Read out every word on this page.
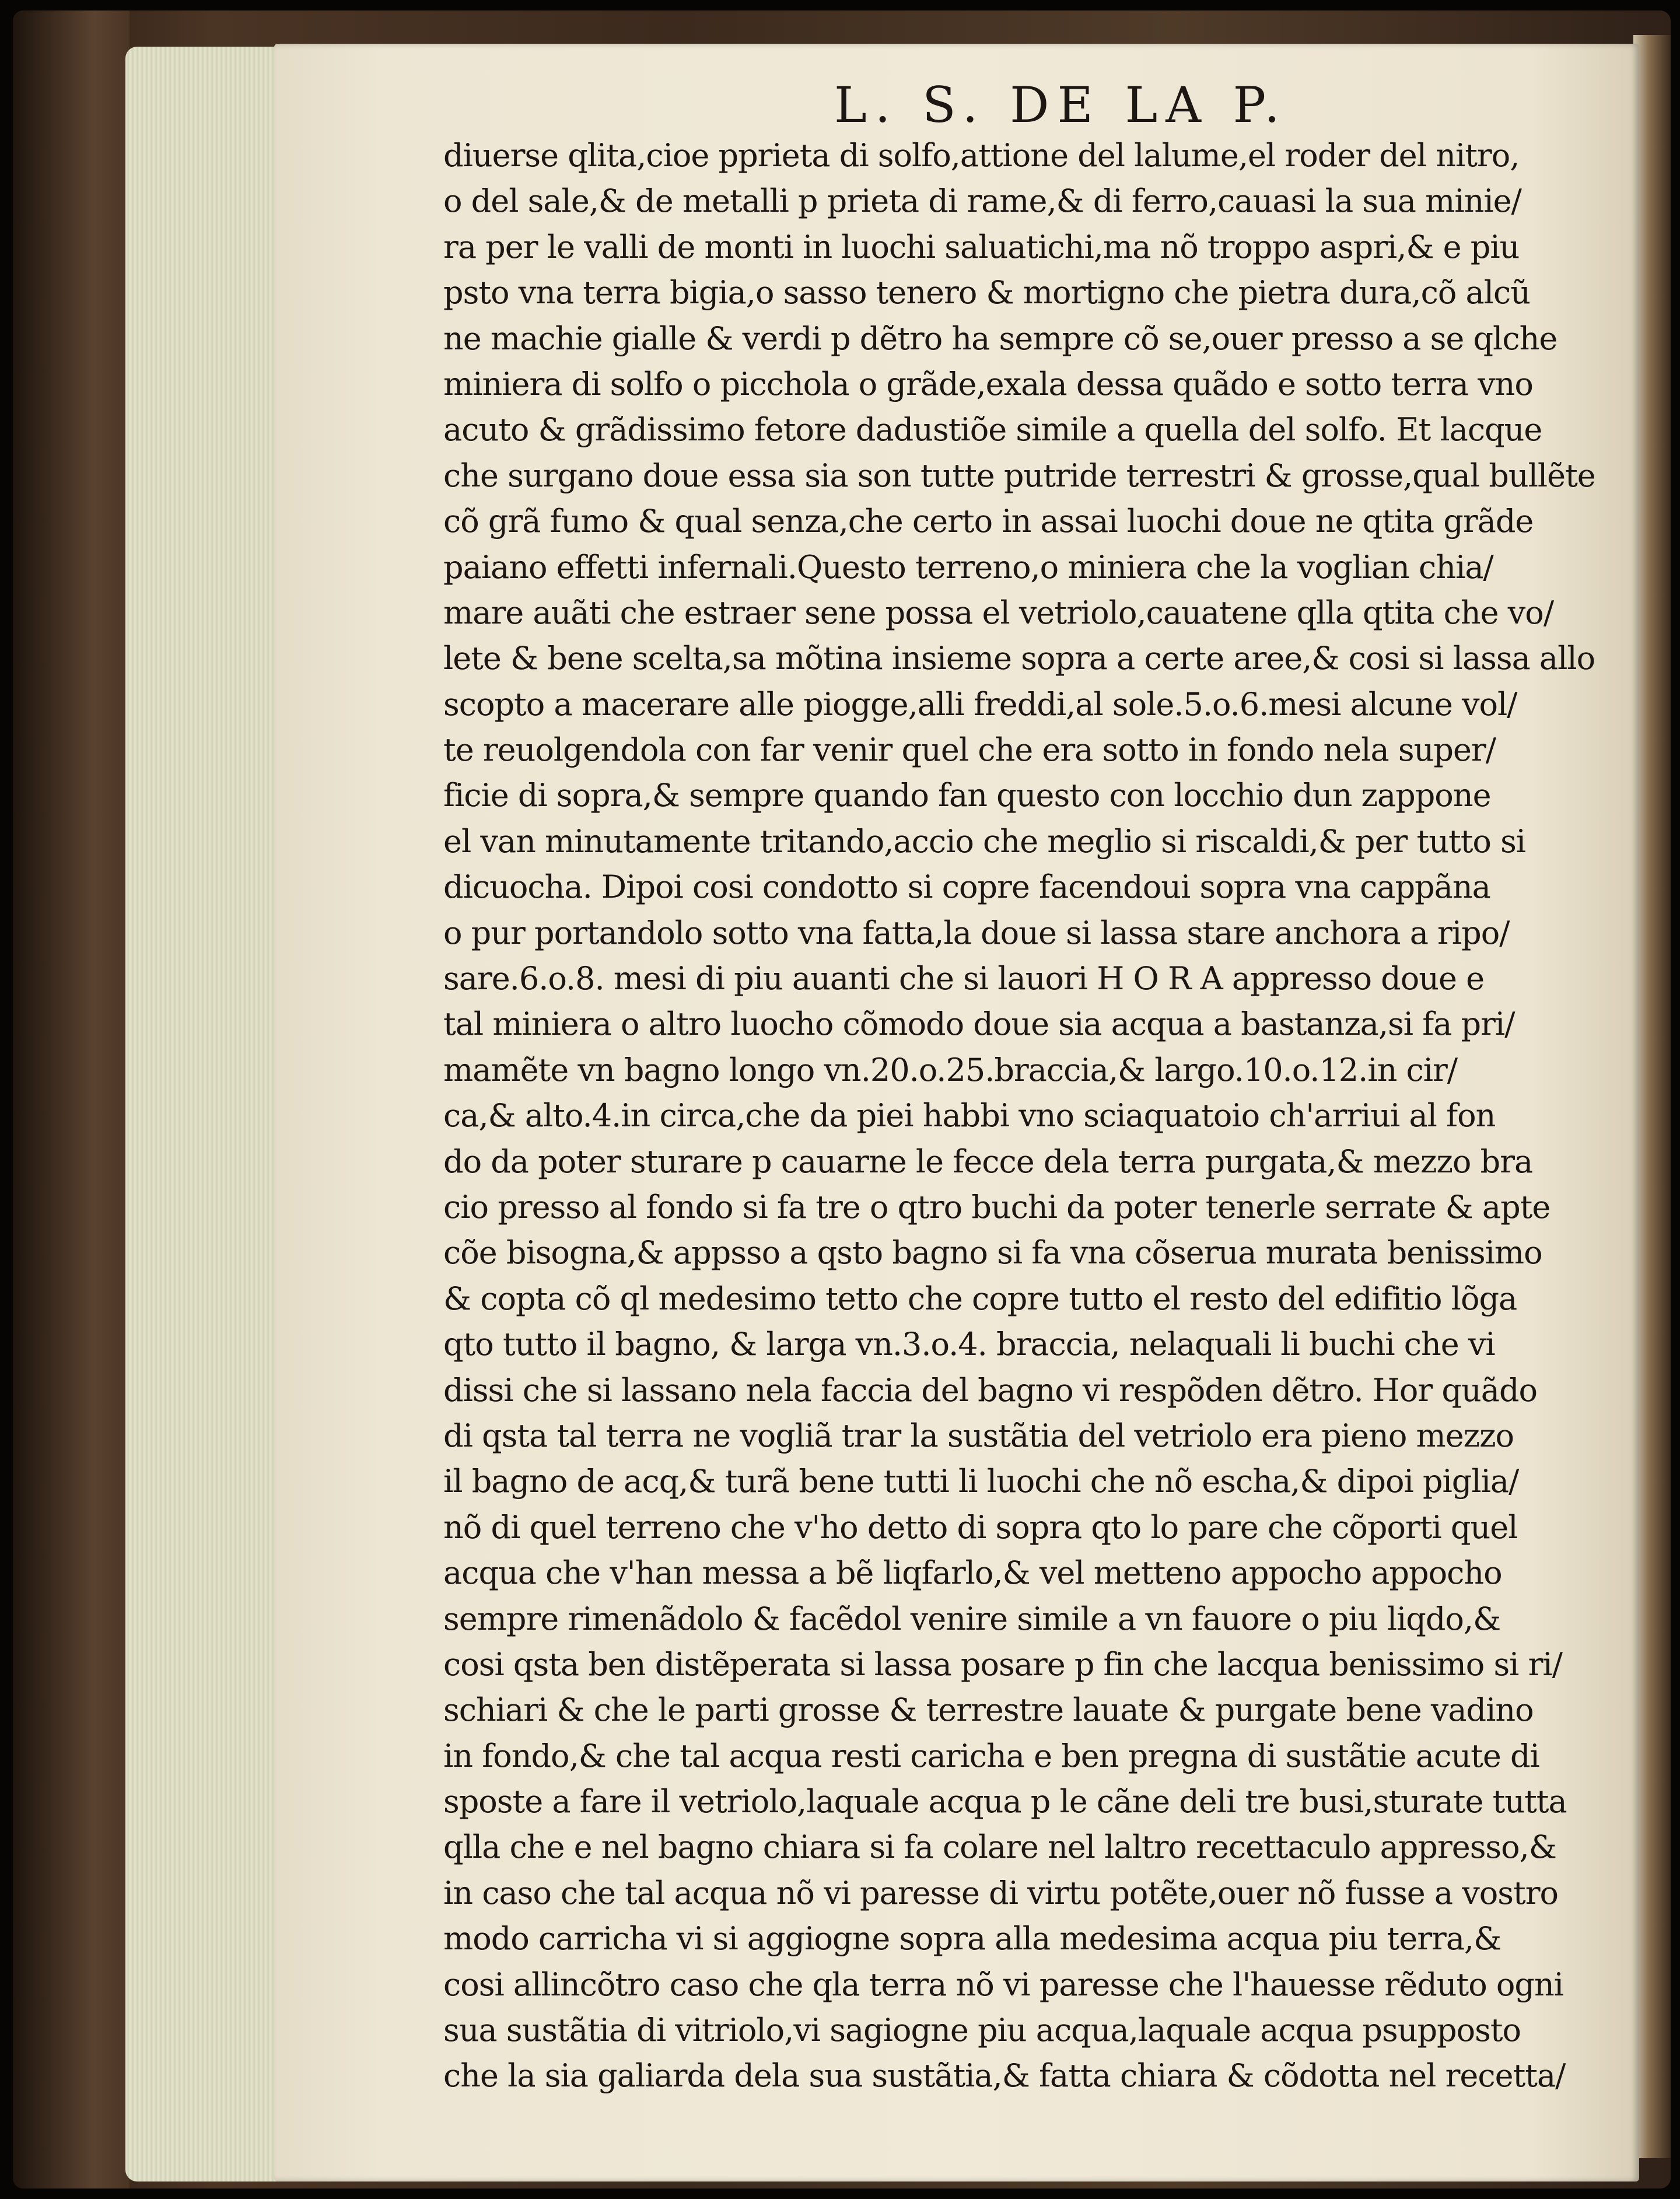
L. S. DE LA P.
diuerse qlita,cioe pprieta di solfo,attione del lalume,el roder del nitro,
o del sale,& de metalli p prieta di rame,& di ferro,cauasi la sua minie/
ra per le valli de monti in luochi saluatichi,ma nõ troppo aspri,& e piu
psto vna terra bigia,o sasso tenero & mortigno che pietra dura,cõ alcũ
ne machie gialle & verdi p dẽtro ha sempre cõ se,ouer presso a se qlche
miniera di solfo o picchola o grãde,exala dessa quãdo e sotto terra vno
acuto & grãdissimo fetore dadustiõe simile a quella del solfo. Et lacque
che surgano doue essa sia son tutte putride terrestri & grosse,qual bullẽte
cõ grã fumo & qual senza,che certo in assai luochi doue ne qtita grãde
paiano effetti infernali.Questo terreno,o miniera che la voglian chia/
mare auãti che estraer sene possa el vetriolo,cauatene qlla qtita che vo/
lete & bene scelta,sa mõtina insieme sopra a certe aree,& cosi si lassa allo
scopto a macerare alle piogge,alli freddi,al sole.5.o.6.mesi alcune vol/
te reuolgendola con far venir quel che era sotto in fondo nela super/
ficie di sopra,& sempre quando fan questo con locchio dun zappone
el van minutamente tritando,accio che meglio si riscaldi,& per tutto si
dicuocha. Dipoi cosi condotto si copre facendoui sopra vna cappãna
o pur portandolo sotto vna fatta,la doue si lassa stare anchora a ripo/
sare.6.o.8. mesi di piu auanti che si lauori H O R A appresso doue e
tal miniera o altro luocho cõmodo doue sia acqua a bastanza,si fa pri/
mamẽte vn bagno longo vn.20.o.25.braccia,& largo.10.o.12.in cir/
ca,& alto.4.in circa,che da piei habbi vno sciaquatoio ch'arriui al fon
do da poter sturare p cauarne le fecce dela terra purgata,& mezzo bra
cio presso al fondo si fa tre o qtro buchi da poter tenerle serrate & apte
cõe bisogna,& appsso a qsto bagno si fa vna cõserua murata benissimo
& copta cõ ql medesimo tetto che copre tutto el resto del edifitio lõga
qto tutto il bagno, & larga vn.3.o.4. braccia, nelaquali li buchi che vi
dissi che si lassano nela faccia del bagno vi respõden dẽtro. Hor quãdo
di qsta tal terra ne vogliã trar la sustãtia del vetriolo era pieno mezzo
il bagno de acq,& turã bene tutti li luochi che nõ escha,& dipoi piglia/
nõ di quel terreno che v'ho detto di sopra qto lo pare che cõporti quel
acqua che v'han messa a bẽ liqfarlo,& vel metteno appocho appocho
sempre rimenãdolo & facẽdol venire simile a vn fauore o piu liqdo,&
cosi qsta ben distẽperata si lassa posare p fin che lacqua benissimo si ri/
schiari & che le parti grosse & terrestre lauate & purgate bene vadino
in fondo,& che tal acqua resti caricha e ben pregna di sustãtie acute di
sposte a fare il vetriolo,laquale acqua p le cãne deli tre busi,sturate tutta
qlla che e nel bagno chiara si fa colare nel laltro recettaculo appresso,&
in caso che tal acqua nõ vi paresse di virtu potẽte,ouer nõ fusse a vostro
modo carricha vi si aggiogne sopra alla medesima acqua piu terra,&
cosi allincõtro caso che qla terra nõ vi paresse che l'hauesse rẽduto ogni
sua sustãtia di vitriolo,vi sagiogne piu acqua,laquale acqua psupposto
che la sia galiarda dela sua sustãtia,& fatta chiara & cõdotta nel recetta/
